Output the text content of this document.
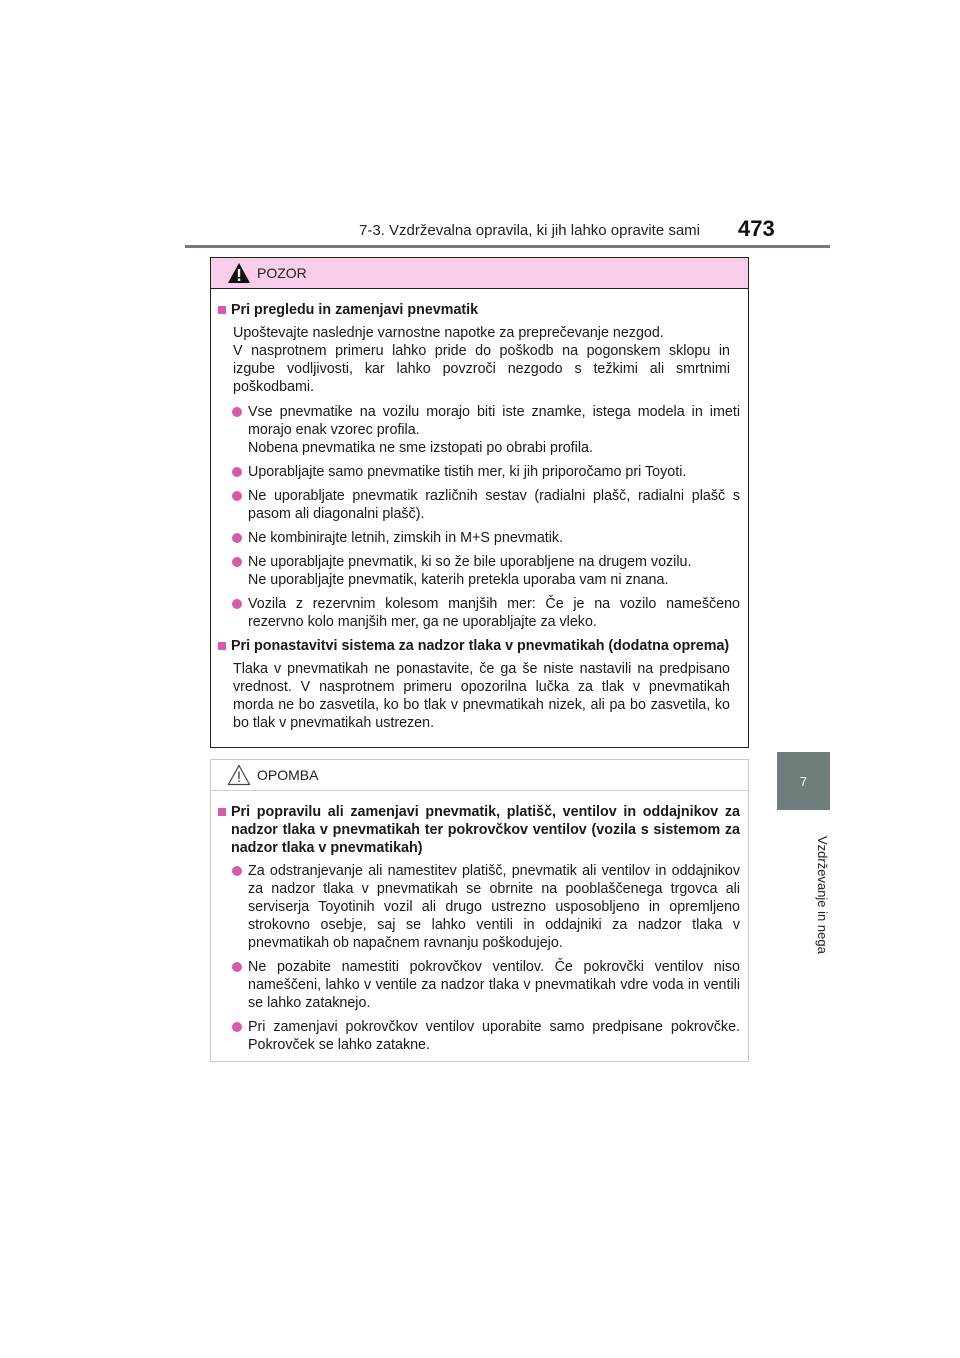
7-3. Vzdrževalna opravila, ki jih lahko opravite sami 473
7
Vzdrževanje in nega
POZOR
Pri pregledu in zamenjavi pnevmatik
Upoštevajte naslednje varnostne napotke za preprečevanje nezgod.
V nasprotnem primeru lahko pride do poškodb na pogonskem sklopu in izgube vodljivosti, kar lahko povzroči nezgodo s težkimi ali smrtnimi poškodbami.
Vse pnevmatike na vozilu morajo biti iste znamke, istega modela in imeti morajo enak vzorec profila.
Nobena pnevmatika ne sme izstopati po obrabi profila.
Uporabljajte samo pnevmatike tistih mer, ki jih priporočamo pri Toyoti.
Ne uporabljate pnevmatik različnih sestav (radialni plašč, radialni plašč s pasom ali diagonalni plašč).
Ne kombinirajte letnih, zimskih in M+S pnevmatik.
Ne uporabljajte pnevmatik, ki so že bile uporabljene na drugem vozilu.
Ne uporabljajte pnevmatik, katerih pretekla uporaba vam ni znana.
Vozila z rezervnim kolesom manjših mer: Če je na vozilo nameščeno rezervno kolo manjših mer, ga ne uporabljajte za vleko.
Pri ponastavitvi sistema za nadzor tlaka v pnevmatikah (dodatna oprema)
Tlaka v pnevmatikah ne ponastavite, če ga še niste nastavili na predpisano vrednost. V nasprotnem primeru opozorilna lučka za tlak v pnevmatikah morda ne bo zasvetila, ko bo tlak v pnevmatikah nizek, ali pa bo zasvetila, ko bo tlak v pnevmatikah ustrezen.
OPOMBA
Pri popravilu ali zamenjavi pnevmatik, platišč, ventilov in oddajnikov za nadzor tlaka v pnevmatikah ter pokrovčkov ventilov (vozila s sistemom za nadzor tlaka v pnevmatikah)
Za odstranjevanje ali namestitev platišč, pnevmatik ali ventilov in oddajnikov za nadzor tlaka v pnevmatikah se obrnite na pooblaščenega trgovca ali serviserja Toyotinih vozil ali drugo ustrezno usposobljeno in opremljeno strokovno osebje, saj se lahko ventili in oddajniki za nadzor tlaka v pnevmatikah ob napačnem ravnanju poškodujejo.
Ne pozabite namestiti pokrovčkov ventilov. Če pokrovčki ventilov niso nameščeni, lahko v ventile za nadzor tlaka v pnevmatikah vdre voda in ventili se lahko zataknejo.
Pri zamenjavi pokrovčkov ventilov uporabite samo predpisane pokrovčke. Pokrovček se lahko zatakne.
